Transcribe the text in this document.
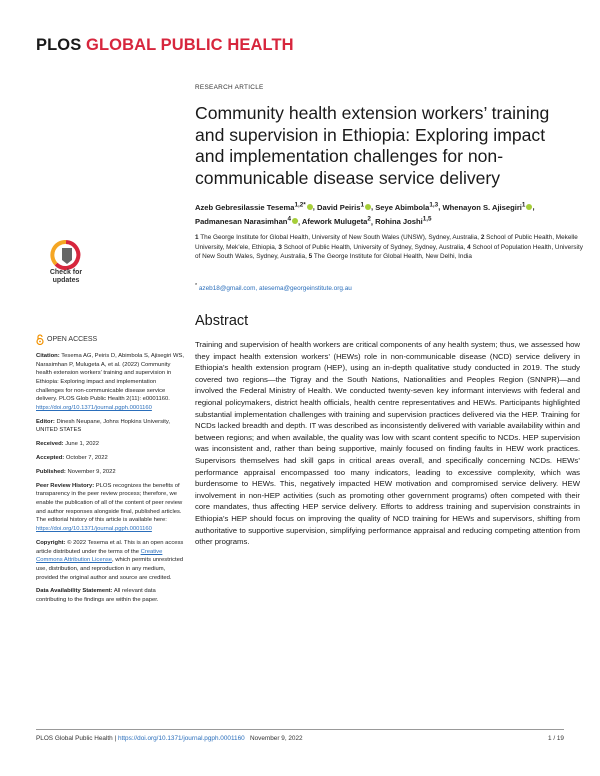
PLOS GLOBAL PUBLIC HEALTH
RESEARCH ARTICLE
Community health extension workers’ training and supervision in Ethiopia: Exploring impact and implementation challenges for non-communicable disease service delivery
Azeb Gebresilassie Tesema$^{1,2*}$ , David Peiris$^1$ , Seye Abimbola$^{1,3}$, Whenayon S. Ajisegiri$^1$ , Padmanesan Narasimhan$^4$ , Afework Mulugeta$^2$, Rohina Joshi$^{1,5}$
1 The George Institute for Global Health, University of New South Wales (UNSW), Sydney, Australia, 2 School of Public Health, Mekelle University, Mek’ele, Ethiopia, 3 School of Public Health, University of Sydney, Sydney, Australia, 4 School of Population Health, University of New South Wales, Sydney, Australia, 5 The George Institute for Global Health, New Delhi, India
* azeb18@gmail.com, atesema@georgeinstitute.org.au
Abstract

Training and supervision of health workers are critical components of any health system; thus, we assessed how they impact health extension workers’ (HEWs) role in non-communicable disease (NCD) service delivery in Ethiopia’s health extension program (HEP), using an in-depth qualitative study conducted in 2019. The study covered two regions—the Tigray and the South Nations, Nationalities and Peoples Region (SNNPR)—and involved the Federal Ministry of Health. We conducted twenty-seven key informant interviews with federal and regional policymakers, district health officials, health centre representatives and HEWs. Participants highlighted substantial implementation challenges with training and supervision practices delivered via the HEP. Training for NCDs lacked breadth and depth. IT was described as inconsistently delivered with variable availability within and between regions; and when available, the quality was low with scant content specific to NCDs. HEP supervision was inconsistent and, rather than being supportive, mainly focused on finding faults in HEW work practices. Supervisors themselves had skill gaps in critical areas overall, and specifically concerning NCDs. HEWs’ performance appraisal encompassed too many indicators, leading to excessive complexity, which was burdensome to HEWs. This, negatively impacted HEW motivation and compromised service delivery. HEW involvement in non-HEP activities (such as promoting other government programs) often competed with their core mandates, thus affecting HEP service delivery. Efforts to address training and supervision constraints in Ethiopia’s HEP should focus on improving the quality of NCD training for HEWs and supervisors, shifting from authoritative to supportive supervision, simplifying performance appraisal and reducing competing attention from other programs.

Check for
updates
OPEN ACCESS

Citation: Tesema AG, Peiris D, Abimbola S, Ajisegiri WS, Narasimhan P, Mulugeta A, et al. (2022) Community health extension workers’ training and supervision in Ethiopia: Exploring impact and implementation challenges for non-communicable disease service delivery. PLOS Glob Public Health 2(11): e0001160. https://doi.org/10.1371/journal.pgph.0001160

Editor: Dinesh Neupane, Johns Hopkins University, UNITED STATES

Received: June 1, 2022

Accepted: October 7, 2022

Published: November 9, 2022

Peer Review History: PLOS recognizes the benefits of transparency in the peer review process; therefore, we enable the publication of all of the content of peer review and author responses alongside final, published articles. The editorial history of this article is available here: https://doi.org/10.1371/journal.pgph.0001160

Copyright: © 2022 Tesema et al. This is an open access article distributed under the terms of the Creative Commons Attribution License, which permits unrestricted use, distribution, and reproduction in any medium, provided the original author and source are credited.

Data Availability Statement: All relevant data contributing to the findings are within the paper.

PLOS Global Public Health | https://doi.org/10.1371/journal.pgph.0001160 November 9, 2022	1 / 19
